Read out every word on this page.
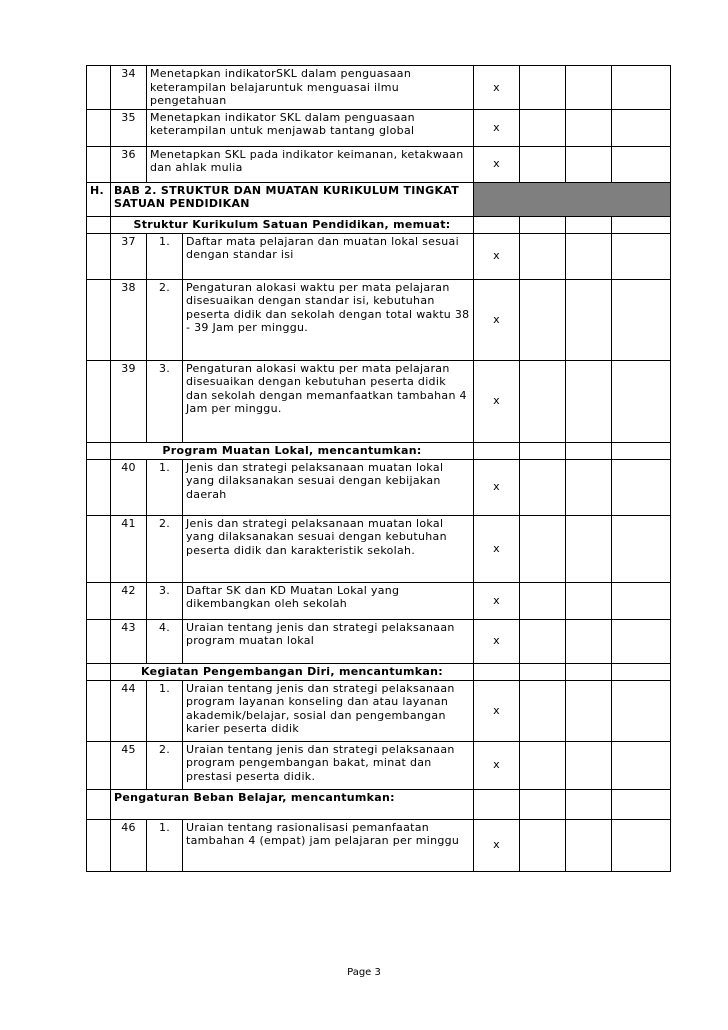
	34	Menetapkan indikatorSKL dalam penguasaan keterampilan belajaruntuk menguasai ilmu pengetahuan		x			
	35	Menetapkan indikator SKL dalam penguasaan keterampilan untuk menjawab tantang global		x			
	36	Menetapkan SKL pada indikator keimanan, ketakwaan dan ahlak mulia		x			
H.	BAB 2. STRUKTUR DAN MUATAN KURIKULUM TINGKAT SATUAN PENDIDIKAN						
	Struktur Kurikulum Satuan Pendidikan, memuat:						
	37	1.	Daftar mata pelajaran dan muatan lokal sesuai dengan standar isi	x			
	38	2.	Pengaturan alokasi waktu per mata pelajaran disesuaikan dengan standar isi, kebutuhan peserta didik dan sekolah dengan total waktu 38 - 39 Jam per minggu.	x			
	39	3.	Pengaturan alokasi waktu per mata pelajaran disesuaikan dengan kebutuhan peserta didik dan sekolah dengan memanfaatkan tambahan 4 Jam per minggu.	x			
	Program Muatan Lokal, mencantumkan:						
	40	1.	Jenis dan strategi pelaksanaan muatan lokal yang dilaksanakan sesuai dengan kebijakan daerah	x			
	41	2.	Jenis dan strategi pelaksanaan muatan lokal yang dilaksanakan sesuai dengan kebutuhan peserta didik dan karakteristik sekolah.	x			
	42	3.	Daftar SK dan KD Muatan Lokal yang dikembangkan oleh sekolah	x			
	43	4.	Uraian tentang jenis dan strategi pelaksanaan program muatan lokal	x			
	Kegiatan Pengembangan Diri, mencantumkan:						
	44	1.	Uraian tentang jenis dan strategi pelaksanaan program layanan konseling dan atau layanan akademik/belajar, sosial dan pengembangan karier peserta didik	x			
	45	2.	Uraian tentang jenis dan strategi pelaksanaan program pengembangan bakat, minat dan prestasi peserta didik.	x			
	Pengaturan Beban Belajar, mencantumkan:						
	46	1.	Uraian tentang rasionalisasi pemanfaatan tambahan 4 (empat) jam pelajaran per minggu	x			
Page 3
